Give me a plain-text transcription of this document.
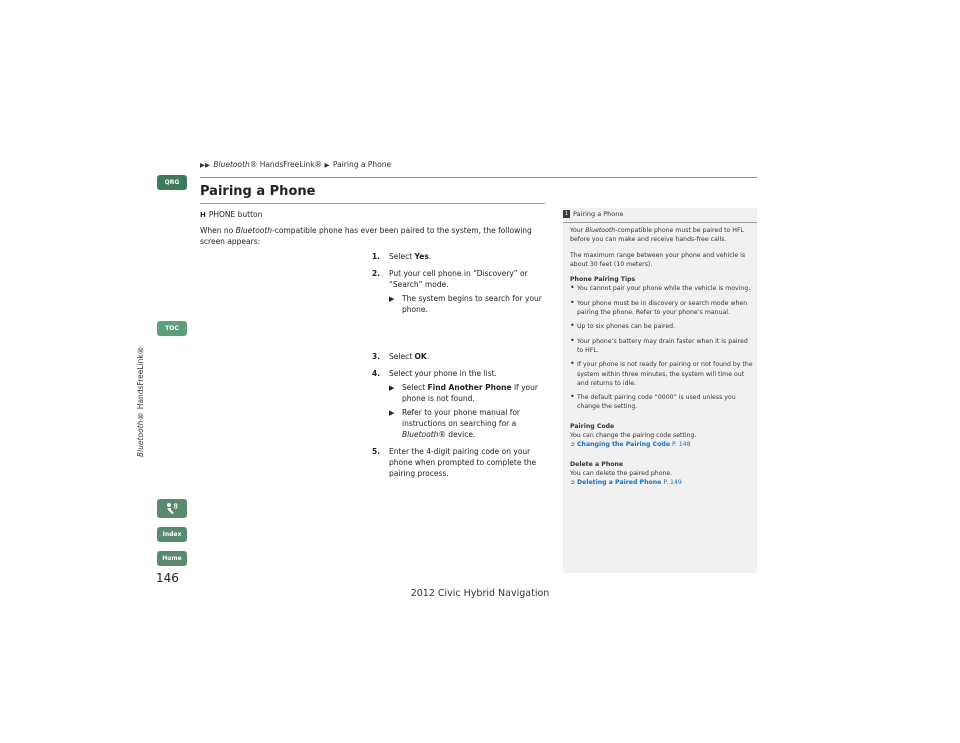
▶▶ Bluetooth® HandsFreeLink® ▶ Pairing a Phone
QRG
TOC
Bluetooth® HandsFreeLink®
Index
Home
146
Pairing a Phone
H PHONE button
When no Bluetooth-compatible phone has ever been paired to the system, the following screen appears:
1. Select Yes.
2. Put your cell phone in “Discovery” or “Search” mode.
▶ The system begins to search for your phone.
3. Select OK.
4. Select your phone in the list.
▶ Select Find Another Phone if your phone is not found.
▶ Refer to your phone manual for instructions on searching for a Bluetooth® device.
5. Enter the 4-digit pairing code on your phone when prompted to complete the pairing process.
1 Pairing a Phone

Your Bluetooth-compatible phone must be paired to HFL before you can make and receive hands-free calls.

The maximum range between your phone and vehicle is about 30 feet (10 meters).

Phone Pairing Tips
• You cannot pair your phone while the vehicle is moving.
• Your phone must be in discovery or search mode when pairing the phone. Refer to your phone’s manual.
• Up to six phones can be paired.
• Your phone’s battery may drain faster when it is paired to HFL.
• If your phone is not ready for pairing or not found by the system within three minutes, the system will time out and returns to idle.
• The default pairing code “0000” is used unless you change the setting.
Pairing Code
You can change the pairing code setting.
➲ Changing the Pairing Code P. 148
Delete a Phone
You can delete the paired phone.
➲ Deleting a Paired Phone P. 149
2012 Civic Hybrid Navigation
